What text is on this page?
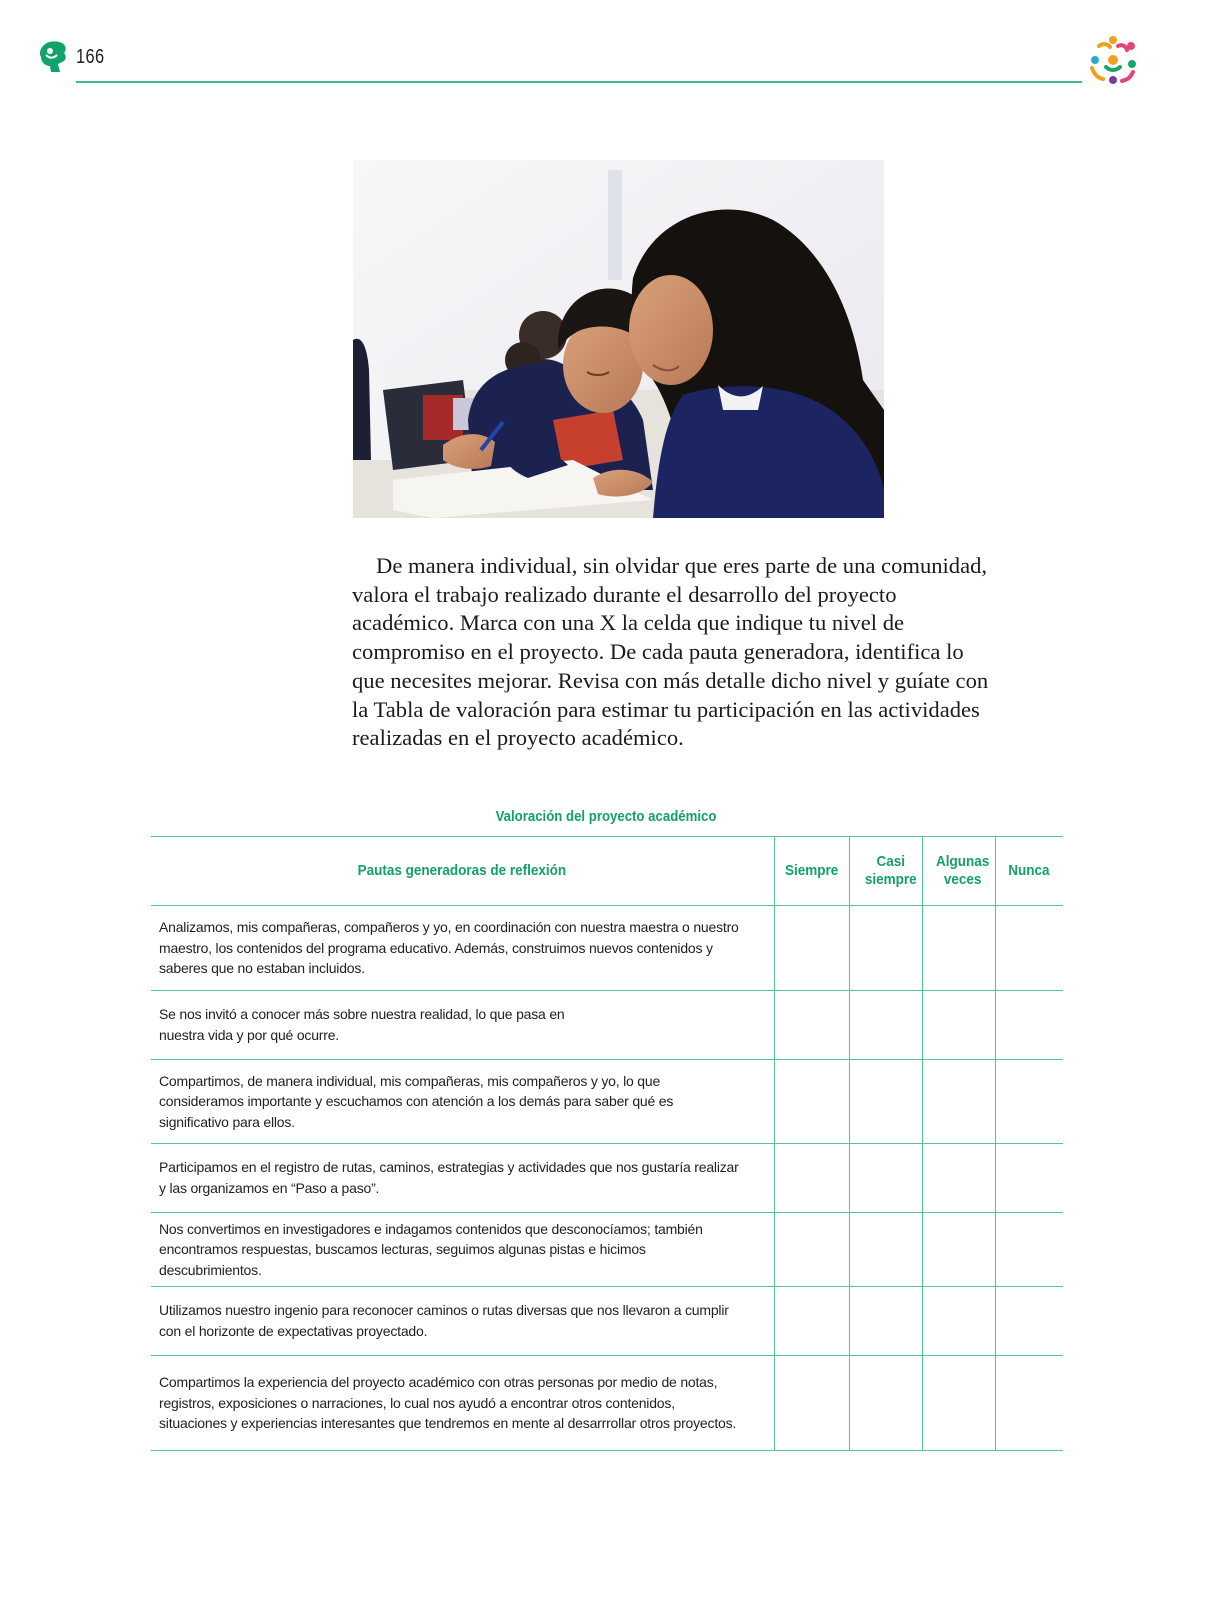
166

De manera individual, sin olvidar que eres parte de una comunidad, valora el trabajo realizado durante el desarrollo del proyecto académico. Marca con una X la celda que indique tu nivel de compromiso en el proyecto. De cada pauta generadora, identifica lo que necesites mejorar. Revisa con más detalle dicho nivel y guíate con la Tabla de valoración para estimar tu participación en las actividades realizadas en el proyecto académico.

Valoración del proyecto académico
Pautas generadoras de reflexión	Siempre	Casi siempre	Algunas veces	Nunca

Analizamos, mis compañeras, compañeros y yo, en coordinación con nuestra maestra o nuestro maestro, los contenidos del programa educativo. Además, construimos nuevos contenidos y saberes que no estaban incluidos.				

Se nos invitó a conocer más sobre nuestra realidad, lo que pasa en nuestra vida y por qué ocurre.				

Compartimos, de manera individual, mis compañeras, mis compañeros y yo, lo que consideramos importante y escuchamos con atención a los demás para saber qué es significativo para ellos.				

Participamos en el registro de rutas, caminos, estrategias y actividades que nos gustaría realizar y las organizamos en “Paso a paso”.				

Nos convertimos en investigadores e indagamos contenidos que desconocíamos; también encontramos respuestas, buscamos lecturas, seguimos algunas pistas e hicimos descubrimientos.				

Utilizamos nuestro ingenio para reconocer caminos o rutas diversas que nos llevaron a cumplir con el horizonte de expectativas proyectado.				

Compartimos la experiencia del proyecto académico con otras personas por medio de notas, registros, exposiciones o narraciones, lo cual nos ayudó a encontrar otros contenidos, situaciones y experiencias interesantes que tendremos en mente al desarrrollar otros proyectos.				
